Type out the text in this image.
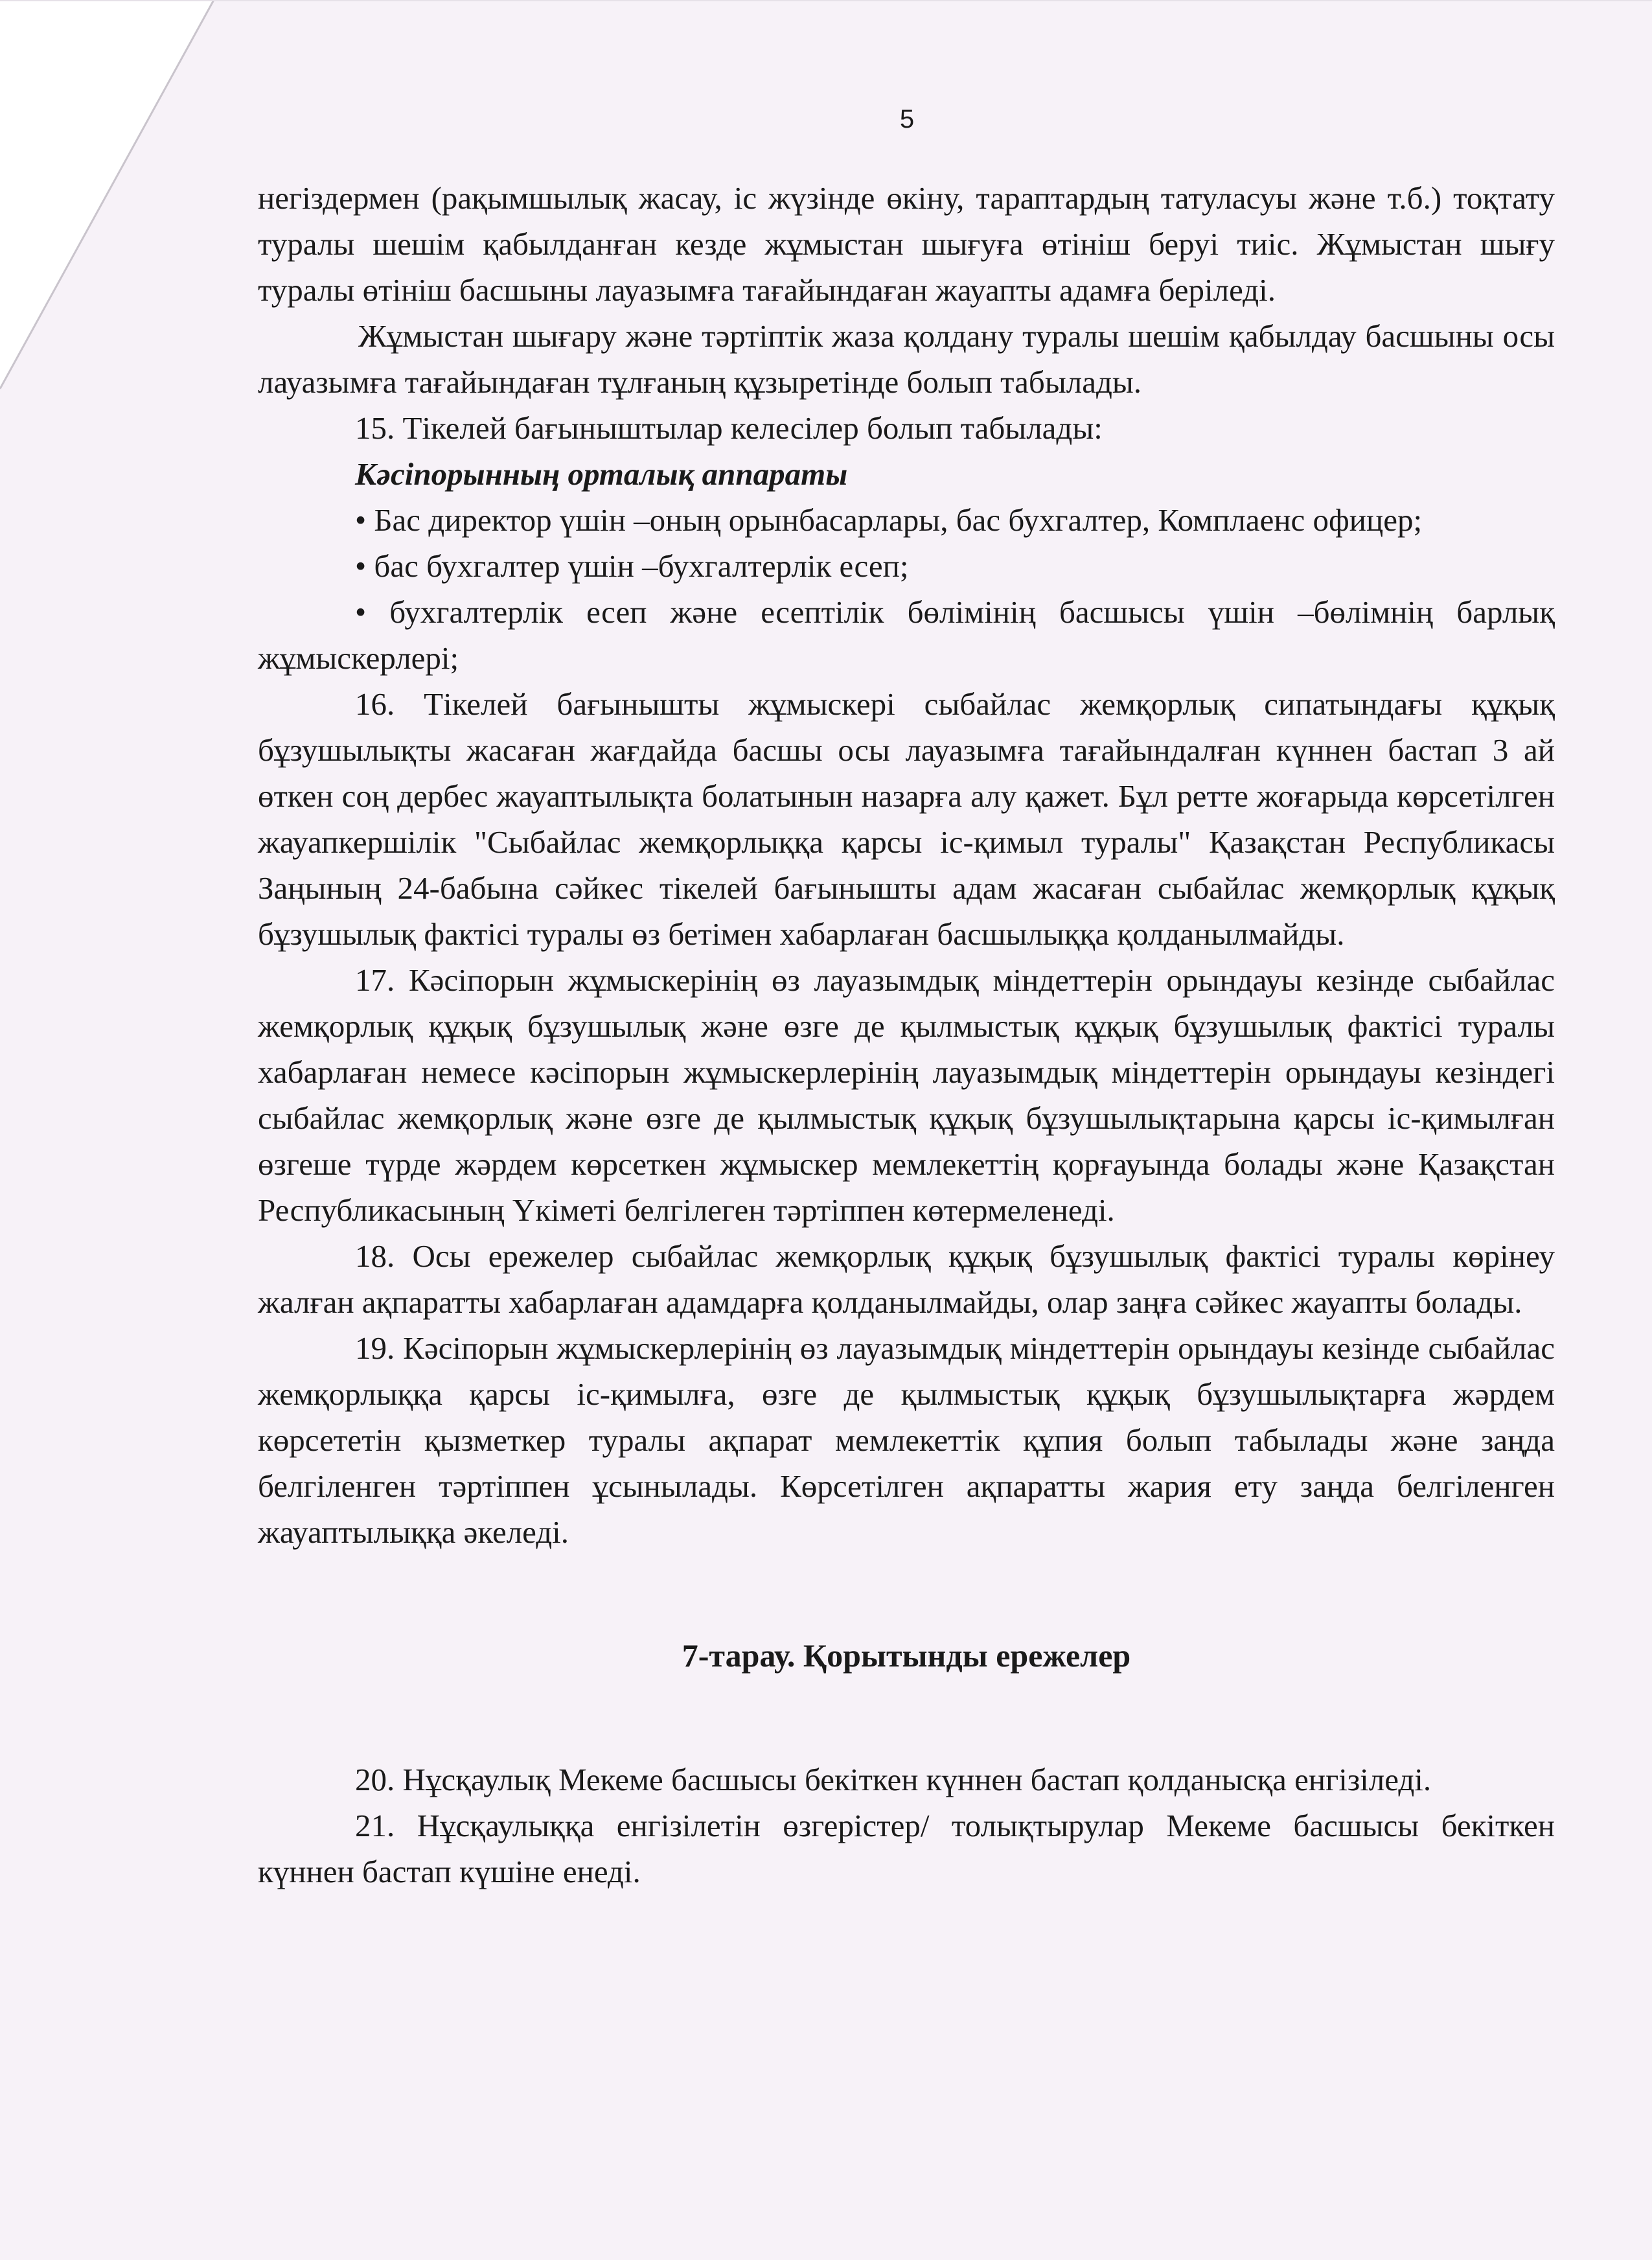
5

негіздермен (рақымшылық жасау, іс жүзінде өкіну, тараптардың татуласуы және т.б.) тоқтату туралы шешім қабылданған кезде жұмыстан шығуға өтініш беруі тиіс. Жұмыстан шығу туралы өтініш басшыны лауазымға тағайындаған жауапты адамға беріледі.

Жұмыстан шығару және тәртіптік жаза қолдану туралы шешім қабылдау басшыны осы лауазымға тағайындаған тұлғаның құзыретінде болып табылады.

15. Тікелей бағыныштылар келесілер болып табылады:

Кәсіпорынның орталық аппараты

• Бас директор үшін –оның орынбасарлары, бас бухгалтер, Комплаенс офицер;

• бас бухгалтер үшін –бухгалтерлік есеп;

• бухгалтерлік есеп және есептілік бөлімінің басшысы үшін –бөлімнің барлық жұмыскерлері;

16. Тікелей бағынышты жұмыскері сыбайлас жемқорлық сипатындағы құқық бұзушылықты жасаған жағдайда басшы осы лауазымға тағайындалған күннен бастап 3 ай өткен соң дербес жауаптылықта болатынын назарға алу қажет. Бұл ретте жоғарыда көрсетілген жауапкершілік "Сыбайлас жемқорлыққа қарсы іс-қимыл туралы" Қазақстан Республикасы Заңының 24-бабына сәйкес тікелей бағынышты адам жасаған сыбайлас жемқорлық құқық бұзушылық фактісі туралы өз бетімен хабарлаған басшылыққа қолданылмайды.

17. Кәсіпорын жұмыскерінің өз лауазымдық міндеттерін орындауы кезінде сыбайлас жемқорлық құқық бұзушылық және өзге де қылмыстық құқық бұзушылық фактісі туралы хабарлаған немесе кәсіпорын жұмыскерлерінің лауазымдық міндеттерін орындауы кезіндегі сыбайлас жемқорлық және өзге де қылмыстық құқық бұзушылықтарына қарсы іс-қимылған өзгеше түрде жәрдем көрсеткен жұмыскер мемлекеттің қорғауында болады және Қазақстан Республикасының Үкіметі белгілеген тәртіппен көтермеленеді.

18. Осы ережелер сыбайлас жемқорлық құқық бұзушылық фактісі туралы көрінеу жалған ақпаратты хабарлаған адамдарға қолданылмайды, олар заңға сәйкес жауапты болады.

19. Кәсіпорын жұмыскерлерінің өз лауазымдық міндеттерін орындауы кезінде сыбайлас жемқорлыққа қарсы іс-қимылға, өзге де қылмыстық құқық бұзушылықтарға жәрдем көрсететін қызметкер туралы ақпарат мемлекеттік құпия болып табылады және заңда белгіленген тәртіппен ұсынылады. Көрсетілген ақпаратты жария ету заңда белгіленген жауаптылыққа әкеледі.

7-тарау. Қорытынды ережелер

20. Нұсқаулық Мекеме басшысы бекіткен күннен бастап қолданысқа енгізіледі.

21. Нұсқаулыққа енгізілетін өзгерістер/ толықтырулар Мекеме басшысы бекіткен күннен бастап күшіне енеді.
